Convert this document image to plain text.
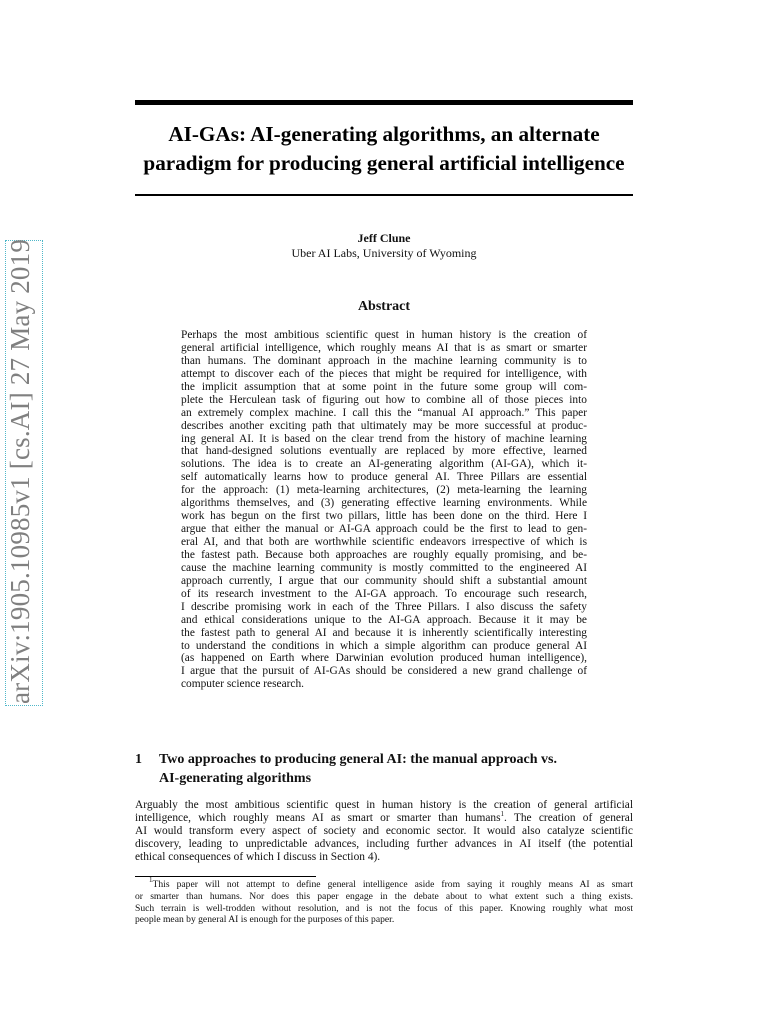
arXiv:1905.10985v1 [cs.AI] 27 May 2019
AI-GAs: AI-generating algorithms, an alternate
paradigm for producing general artificial intelligence
Jeff Clune
Uber AI Labs, University of Wyoming
Abstract
Perhaps the most ambitious scientific quest in human history is the creation of
general artificial intelligence, which roughly means AI that is as smart or smarter
than humans. The dominant approach in the machine learning community is to
attempt to discover each of the pieces that might be required for intelligence, with
the implicit assumption that at some point in the future some group will com-
plete the Herculean task of figuring out how to combine all of those pieces into
an extremely complex machine. I call this the “manual AI approach.” This paper
describes another exciting path that ultimately may be more successful at produc-
ing general AI. It is based on the clear trend from the history of machine learning
that hand-designed solutions eventually are replaced by more effective, learned
solutions. The idea is to create an AI-generating algorithm (AI-GA), which it-
self automatically learns how to produce general AI. Three Pillars are essential
for the approach: (1) meta-learning architectures, (2) meta-learning the learning
algorithms themselves, and (3) generating effective learning environments. While
work has begun on the first two pillars, little has been done on the third. Here I
argue that either the manual or AI-GA approach could be the first to lead to gen-
eral AI, and that both are worthwhile scientific endeavors irrespective of which is
the fastest path. Because both approaches are roughly equally promising, and be-
cause the machine learning community is mostly committed to the engineered AI
approach currently, I argue that our community should shift a substantial amount
of its research investment to the AI-GA approach. To encourage such research,
I describe promising work in each of the Three Pillars. I also discuss the safety
and ethical considerations unique to the AI-GA approach. Because it it may be
the fastest path to general AI and because it is inherently scientifically interesting
to understand the conditions in which a simple algorithm can produce general AI
(as happened on Earth where Darwinian evolution produced human intelligence),
I argue that the pursuit of AI-GAs should be considered a new grand challenge of
computer science research.
1 Two approaches to producing general AI: the manual approach vs.
AI-generating algorithms
Arguably the most ambitious scientific quest in human history is the creation of general artificial
intelligence, which roughly means AI as smart or smarter than humans$^1$. The creation of general
AI would transform every aspect of society and economic sector. It would also catalyze scientific
discovery, leading to unpredictable advances, including further advances in AI itself (the potential
ethical consequences of which I discuss in Section 4).
$^1$This paper will not attempt to define general intelligence aside from saying it roughly means AI as smart
or smarter than humans. Nor does this paper engage in the debate about to what extent such a thing exists.
Such terrain is well-trodden without resolution, and is not the focus of this paper. Knowing roughly what most
people mean by general AI is enough for the purposes of this paper.
